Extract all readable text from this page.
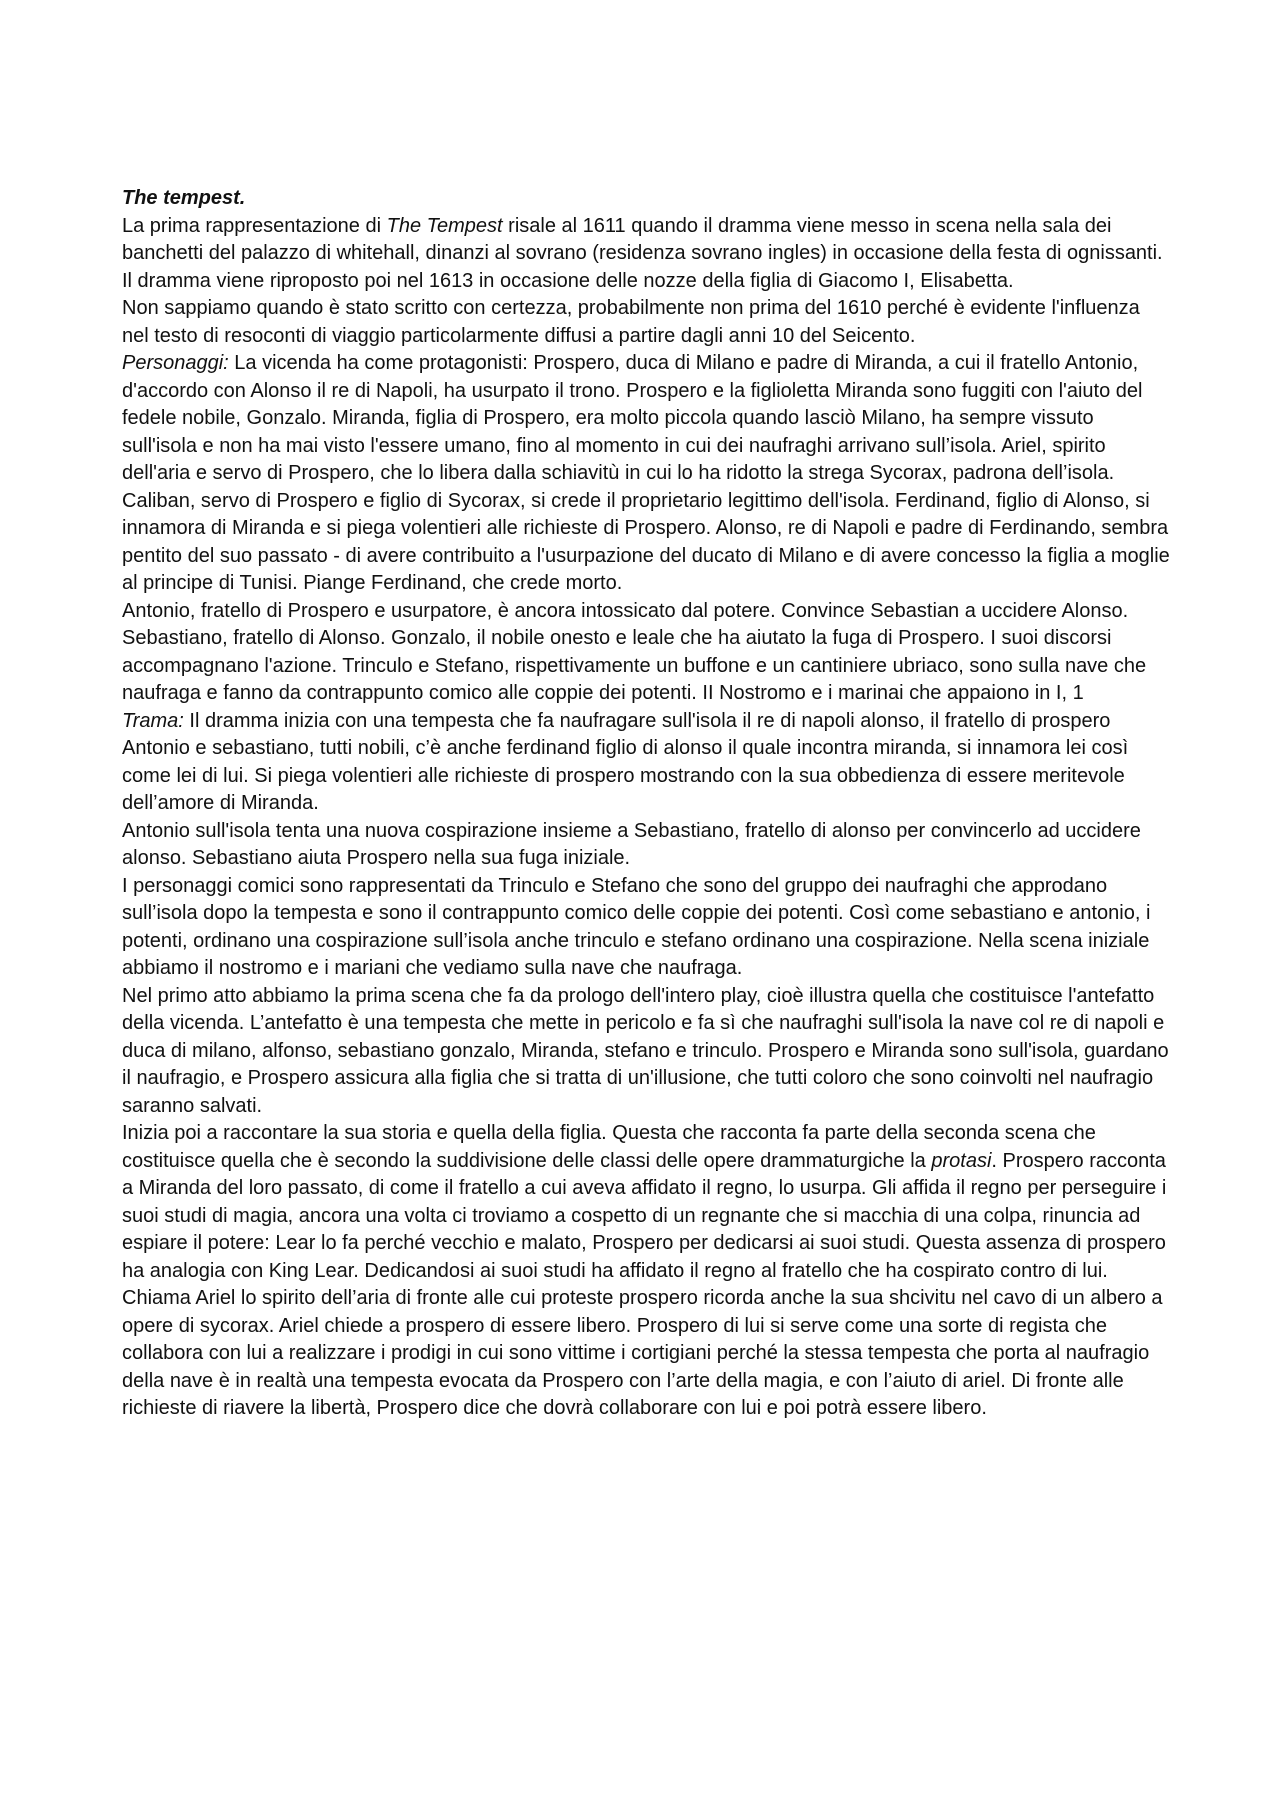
The tempest.

La prima rappresentazione di The Tempest risale al 1611 quando il dramma viene messo in scena nella sala dei banchetti del palazzo di whitehall, dinanzi al sovrano (residenza sovrano ingles) in occasione della festa di ognissanti. Il dramma viene riproposto poi nel 1613 in occasione delle nozze della figlia di Giacomo I, Elisabetta.

Non sappiamo quando è stato scritto con certezza, probabilmente non prima del 1610 perché è evidente l'influenza nel testo di resoconti di viaggio particolarmente diffusi a partire dagli anni 10 del Seicento.

Personaggi: La vicenda ha come protagonisti: Prospero, duca di Milano e padre di Miranda, a cui il fratello Antonio, d'accordo con Alonso il re di Napoli, ha usurpato il trono. Prospero e la figlioletta Miranda sono fuggiti con l'aiuto del fedele nobile, Gonzalo. Miranda, figlia di Prospero, era molto piccola quando lasciò Milano, ha sempre vissuto sull'isola e non ha mai visto l'essere umano, fino al momento in cui dei naufraghi arrivano sull’isola. Ariel, spirito dell'aria e servo di Prospero, che lo libera dalla schiavitù in cui lo ha ridotto la strega Sycorax, padrona dell’isola. Caliban, servo di Prospero e figlio di Sycorax, si crede il proprietario legittimo dell'isola. Ferdinand, figlio di Alonso, si innamora di Miranda e si piega volentieri alle richieste di Prospero. Alonso, re di Napoli e padre di Ferdinando, sembra pentito del suo passato - di avere contribuito a l'usurpazione del ducato di Milano e di avere concesso la figlia a moglie al principe di Tunisi. Piange Ferdinand, che crede morto.

Antonio, fratello di Prospero e usurpatore, è ancora intossicato dal potere. Convince Sebastian a uccidere Alonso. Sebastiano, fratello di Alonso. Gonzalo, il nobile onesto e leale che ha aiutato la fuga di Prospero. I suoi discorsi accompagnano l'azione. Trinculo e Stefano, rispettivamente un buffone e un cantiniere ubriaco, sono sulla nave che naufraga e fanno da contrappunto comico alle coppie dei potenti. II Nostromo e i marinai che appaiono in I, 1

Trama: Il dramma inizia con una tempesta che fa naufragare sull'isola il re di napoli alonso, il fratello di prospero Antonio e sebastiano, tutti nobili, c’è anche ferdinand figlio di alonso il quale incontra miranda, si innamora lei così come lei di lui. Si piega volentieri alle richieste di prospero mostrando con la sua obbedienza di essere meritevole dell’amore di Miranda.

Antonio sull'isola tenta una nuova cospirazione insieme a Sebastiano, fratello di alonso per convincerlo ad uccidere alonso. Sebastiano aiuta Prospero nella sua fuga iniziale.

I personaggi comici sono rappresentati da Trinculo e Stefano che sono del gruppo dei naufraghi che approdano sull’isola dopo la tempesta e sono il contrappunto comico delle coppie dei potenti. Così come sebastiano e antonio, i potenti, ordinano una cospirazione sull’isola anche trinculo e stefano ordinano una cospirazione. Nella scena iniziale abbiamo il nostromo e i mariani che vediamo sulla nave che naufraga.

Nel primo atto abbiamo la prima scena che fa da prologo dell'intero play, cioè illustra quella che costituisce l'antefatto della vicenda. L’antefatto è una tempesta che mette in pericolo e fa sì che naufraghi sull'isola la nave col re di napoli e duca di milano, alfonso, sebastiano gonzalo, Miranda, stefano e trinculo. Prospero e Miranda sono sull'isola, guardano il naufragio, e Prospero assicura alla figlia che si tratta di un'illusione, che tutti coloro che sono coinvolti nel naufragio saranno salvati.

Inizia poi a raccontare la sua storia e quella della figlia. Questa che racconta fa parte della seconda scena che costituisce quella che è secondo la suddivisione delle classi delle opere drammaturgiche la protasi. Prospero racconta a Miranda del loro passato, di come il fratello a cui aveva affidato il regno, lo usurpa. Gli affida il regno per perseguire i suoi studi di magia, ancora una volta ci troviamo a cospetto di un regnante che si macchia di una colpa, rinuncia ad espiare il potere: Lear lo fa perché vecchio e malato, Prospero per dedicarsi ai suoi studi. Questa assenza di prospero ha analogia con King Lear. Dedicandosi ai suoi studi ha affidato il regno al fratello che ha cospirato contro di lui.

Chiama Ariel lo spirito dell’aria di fronte alle cui proteste prospero ricorda anche la sua shcivitu nel cavo di un albero a opere di sycorax. Ariel chiede a prospero di essere libero. Prospero di lui si serve come una sorte di regista che collabora con lui a realizzare i prodigi in cui sono vittime i cortigiani perché la stessa tempesta che porta al naufragio della nave è in realtà una tempesta evocata da Prospero con l’arte della magia, e con l’aiuto di ariel. Di fronte alle richieste di riavere la libertà, Prospero dice che dovrà collaborare con lui e poi potrà essere libero.
